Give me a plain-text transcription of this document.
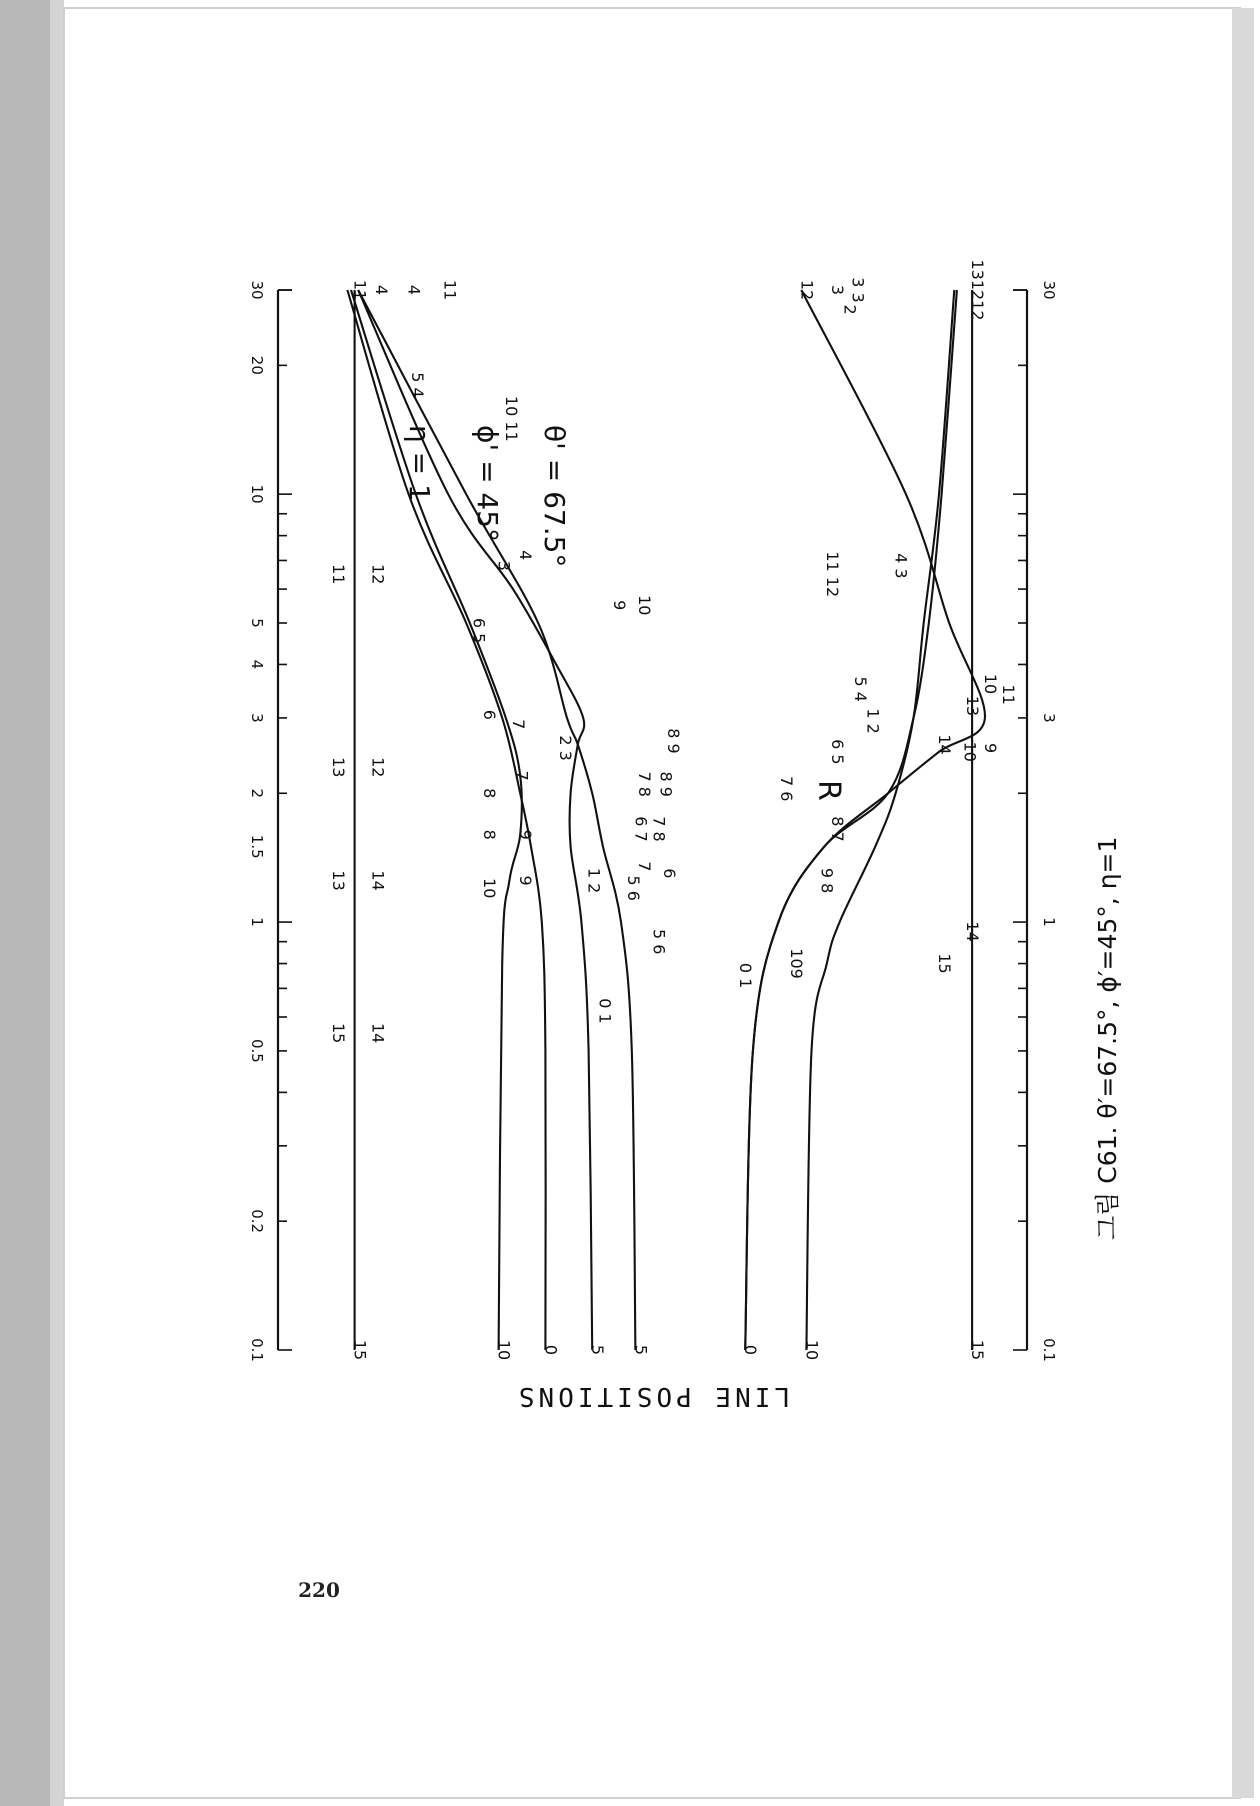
0.1
0.2
0.5
1
1.5
2
3
4
5
10
20
30
0.1
1
3
30
15	10 0 5 5
11 4 4 11
15 14
13 14
13 12
11 12
10 9
8 9
8
7
6
7
6 5
3
4
5 4
10 11
0 1
1 2
2 3
5 6
6
7
7 8
8 9
8 9
5 6
6 7
7 8
9 10
0	10	15
12 3 3 3
2	131212
0 1 109
9 8
8 7
7 6
6 5
1 2
5 4
4 3
11 12
10
11
10 9
15
14
14
13
θ' = 67.5°
ϕ' = 45°
η = 1
R
그림 C61. θ′=67.5°, ϕ′=45°, η=1
LINE POSITIONS
220
